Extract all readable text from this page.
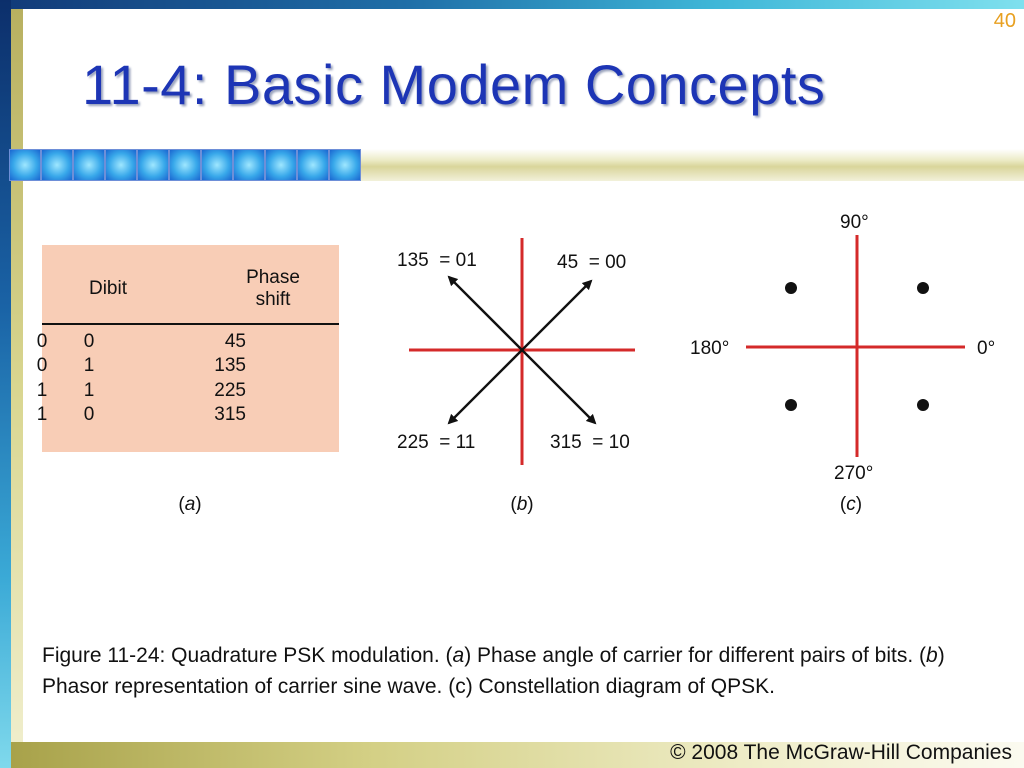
40
11-4: Basic Modem Concepts
Dibit
Phase shift
0 0	45
0 1	135
1 1	225
1 0	315
(a)
135  = 01	45  = 00
225  = 11	315  = 10
(b)
90°
180°	0°
270°
(c)

Figure 11-24: Quadrature PSK modulation. (a) Phase angle of carrier for different pairs of bits. (b) Phasor representation of carrier sine wave. (c) Constellation diagram of QPSK.

© 2008 The McGraw-Hill Companies
